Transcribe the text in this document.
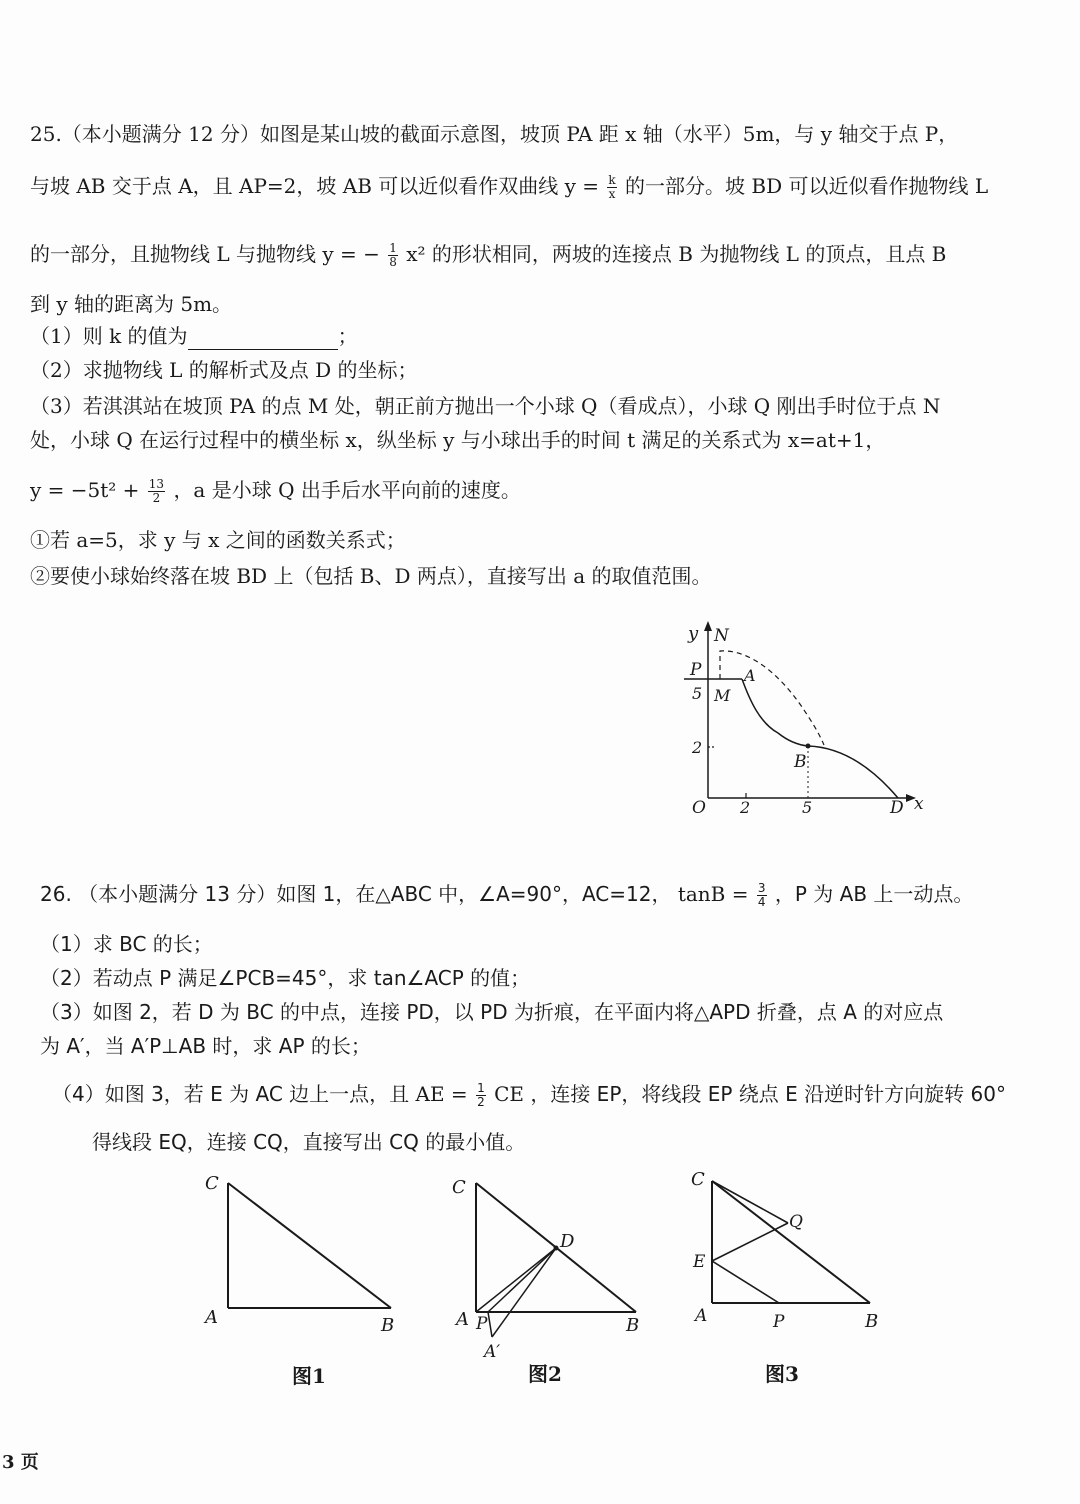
25.（本小题满分 12 分）如图是某山坡的截面示意图，坡顶 PA 距 x 轴（水平）5m，与 y 轴交于点 P，
与坡 AB 交于点 A，且 AP=2，坡 AB 可以近似看作双曲线 $y = \frac{k}{x}$ 的一部分。坡 BD 可以近似看作抛物线 L
的一部分，且抛物线 L 与抛物线 y = − $\frac{1}{8} x^2$ 的形状相同，两坡的连接点 B 为抛物线 L 的顶点，且点 B
到 y 轴的距离为 5m。
（1）则 k 的值为	；
（2）求抛物线 L 的解析式及点 D 的坐标；
（3）若淇淇站在坡顶 PA 的点 M 处，朝正前方抛出一个小球 Q（看成点），小球 Q 刚出手时位于点 N
处，小球 Q 在运行过程中的横坐标 x，纵坐标 y 与小球出手的时间 t 满足的关系式为 x=at+1，
$y = -5t^2 + \frac{13}{2}$ ，a 是小球 Q 出手后水平向前的速度。
①若 a=5，求 y 与 x 之间的函数关系式；
②要使小球始终落在坡 BD 上（包括 B、D 两点），直接写出 a 的取值范围。
y N
P	A
5 M
2
B
O 2	5	D x
26. （本小题满分 13 分）如图 1，在△ABC 中，∠A=90°，AC=12， $\tan B = \frac{3}{4}$ ，P 为 AB 上一动点。
（1）求 BC 的长；
（2）若动点 P 满足∠PCB=45°，求 tan∠ACP 的值；
（3）如图 2，若 D 为 BC 的中点，连接 PD，以 PD 为折痕，在平面内将△APD 折叠，点 A 的对应点
为 A′，当 A′P⊥AB 时，求 AP 的长；
（4）如图 3，若 E 为 AC 边上一点，且 AE = $\frac{1}{2}$ CE ，连接 EP，将线段 EP 绕点 E 沿逆时针方向旋转 60°
得线段 EQ，连接 CQ，直接写出 CQ 的最小值。
C
A	B
图1
C
D
A P	B
A′
图2
C
Q
E
A	P	B
图3
3 页
